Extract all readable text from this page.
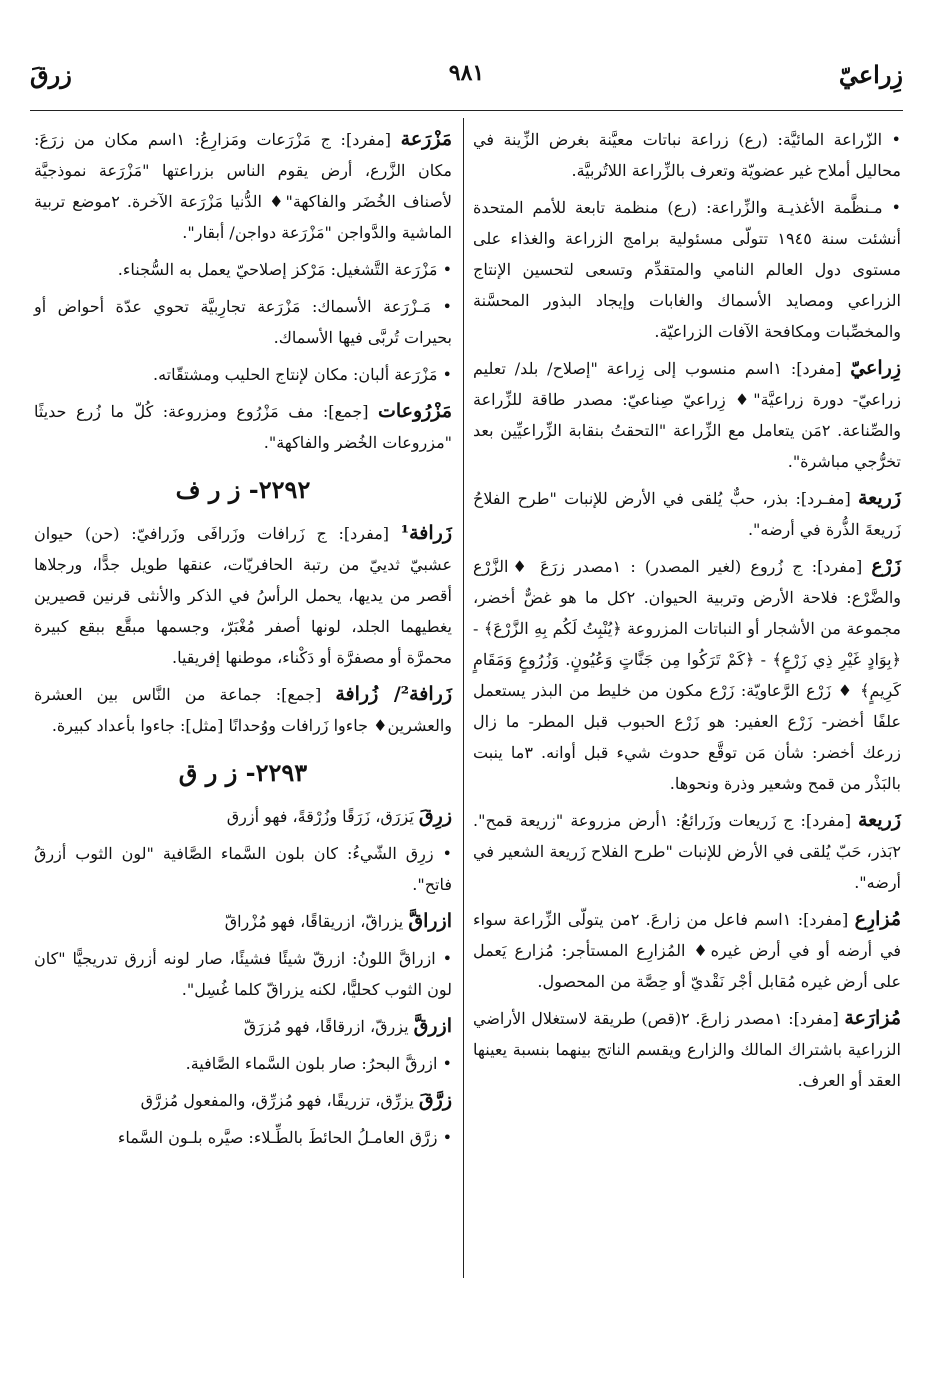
زِراعيّ
٩٨١
زرقَ

• الزّراعة المائيَّة: (رع) زراعة نباتات معيَّنة بغرض الزِّينة في محاليل أملاح غير عضويّة وتعرف بالزِّراعة اللاتُربيَّة.

• مـنظَّمة الأغذيـة والزِّراعة: (رع) منظمة تابعة للأمم المتحدة أنشئت سنة ١٩٤٥ تتولّى مسئولية برامج الزراعة والغذاء على مستوى دول العالم النامي والمتقدِّم وتسعى لتحسين الإنتاج الزراعي ومصايد الأسماك والغابات وإيجاد البذور المحسَّنة والمخصِّبات ومكافحة الآفات الزراعيّة.

زِراعيّ [مفرد]: ١اسم منسوب إلى زِراعة "إصلاح/ بلد/ تعليم زراعيّ- دورة زراعيَّة"♦ زِراعيّ صِناعيّ: مصدر طاقة للزِّراعة والصِّناعة. ٢مَن يتعامل مع الزِّراعة "التحقتُ بنقابة الزِّراعيِّين بعد تخرُّجي مباشرة".

زَريعة [مفـرد]: بذر، حبٌّ يُلقى في الأرض للإنبات "طرح الفلاحُ زَريعةَ الذُّرة في أرضه".

زَرْع [مفرد]: ج زُروع (لغير المصدر) : ١مصدر زرَعَ ♦الزَّرْع والضَّرْع: فلاحة الأرض وتربية الحيوان. ٢كل ما هو غضٌّ أخضر، مجموعة من الأشجار أو النباتات المزروعة ﴿يُنْبِتُ لَكُم بِهِ الزَّرْعَ﴾ - ﴿بِوَادٍ غَيْرِ ذِي زَرْعٍ﴾ - ﴿كَمْ تَرَكُوا مِن جَنَّاتٍ وَعُيُونٍ. وَزُرُوعٍ وَمَقَامٍ كَرِيمٍ﴾ ♦ زَرْع الرَّعاويّة: زَرْع مكون من خليط من البذر يستعمل علفًا أخضر- زَرْع العفير: هو زَرْع الحبوب قبل المطر- ما زال زرعك أخضر: شأن مَن توقَّع حدوث شيء قبل أوانه. ٣ما ينبت بالبَذْر من قمح وشعير وذرة ونحوها.

زَريعة [مفرد]: ج زَريعات وزَرائعُ: ١أرض مزروعة "زريعة قمح". ٢بَذر، حَبّ يُلقى في الأرض للإنبات "طرح الفلاح زَريعة الشعير في أرضه".

مُزارِع [مفرد]: ١اسم فاعل من زارعَ. ٢من يتولّى الزِّراعة سواء في أرضه أو في أرض غيره♦ المُزارِع المستأجر: مُزارع يَعمل على أرض غيره مُقابل أجْر نَقْديّ أو حِصَّة من المحصول.

مُزارَعة [مفرد]: ١مصدر زارعَ. ٢(قص) طريقة لاستغلال الأراضي الزراعية باشتراك المالك والزارع ويقسم الناتج بينهما بنسبة يعينها العقد أو العرف.

مَزْرَعة [مفرد]: ج مَزْرَعات ومَزارِعُ: ١اسم مكان من زرَعَ: مكان الزَّرع، أرض يقوم الناس بزراعتها "مَزْرَعة نموذجيَّة لأصناف الخُضَر والفاكهة"♦ الدُّنيا مَزْرَعة الآخرة. ٢موضع تربية الماشية والدَّواجن "مَزْرَعة دواجن/ أبقار".

• مَزْرَعة التَّشغيل: مَرْكز إصلاحيّ يعمل به السُّجناء.

• مَـزْرَعة الأسماك: مَزْرَعة تجارِبيَّة تحوي عدّة أحواض أو بحيرات تُربَّى فيها الأسماك.

• مَزْرَعة ألبان: مكان لإنتاج الحليب ومشتقّاته.

مَزْرُوعات [جمع]: مف مَزْرُوع ومزروعة: كُلّ ما زُرع حديثًا "مزروعات الخُضر والفاكهة".

٢٢٩٢- ز ر ف

زَرافة¹ [مفرد]: ج زَرافات وزَرافَى وزَرافيّ: (حن) حيوان عشبيّ ثدييّ من رتبة الحافريّات، عنقها طويل جدًّا، ورجلاها أقصر من يديها، يحمل الرأسُ في الذكر والأنثى قرنين قصيرين يغطيهما الجلد، لونها أصفر مُغْبَرّ، وجسمها مبقَّع ببقع كبيرة محمرَّة أو مصفرَّة أو دَكْناء، موطنها إفريقيا.

زَرافة²/ زُرافة [جمع]: جماعة من النَّاس بين العشرة والعشرين♦ جاءوا زَرافات ووُحدانًا [مثل]: جاءوا بأعداد كبيرة.

٢٢٩٣- ز ر ق

زرِقَ يَزرَق، زَرَقًا وزُرْقةً، فهو أزرق

• زرِق الشّيءُ: كان بلون السَّماء الصَّافية "لون الثوب أزرقُ فاتح".

ازراقَّ يزراقّ، ازريقاقًا، فهو مُزْراقّ

• ازراقَّ اللونُ: ازرقّ شيئًا فشيئًا، صار لونه أزرق تدريجيًّا "كان لون الثوب كحليًّا، لكنه يزراقّ كلما غُسِل".

ازرقَّ يزرقّ، ازرقاقًا، فهو مُزرَقّ

• ازرقَّ البحرُ: صار بلون السَّماء الصَّافية.

زرَّقَ يزرِّق، تزريقًا، فهو مُزرِّق، والمفعول مُزرَّق

• زرَّق العامـلُ الحائطَ بالطِّـلاء: صيَّره بلـون السَّماء
